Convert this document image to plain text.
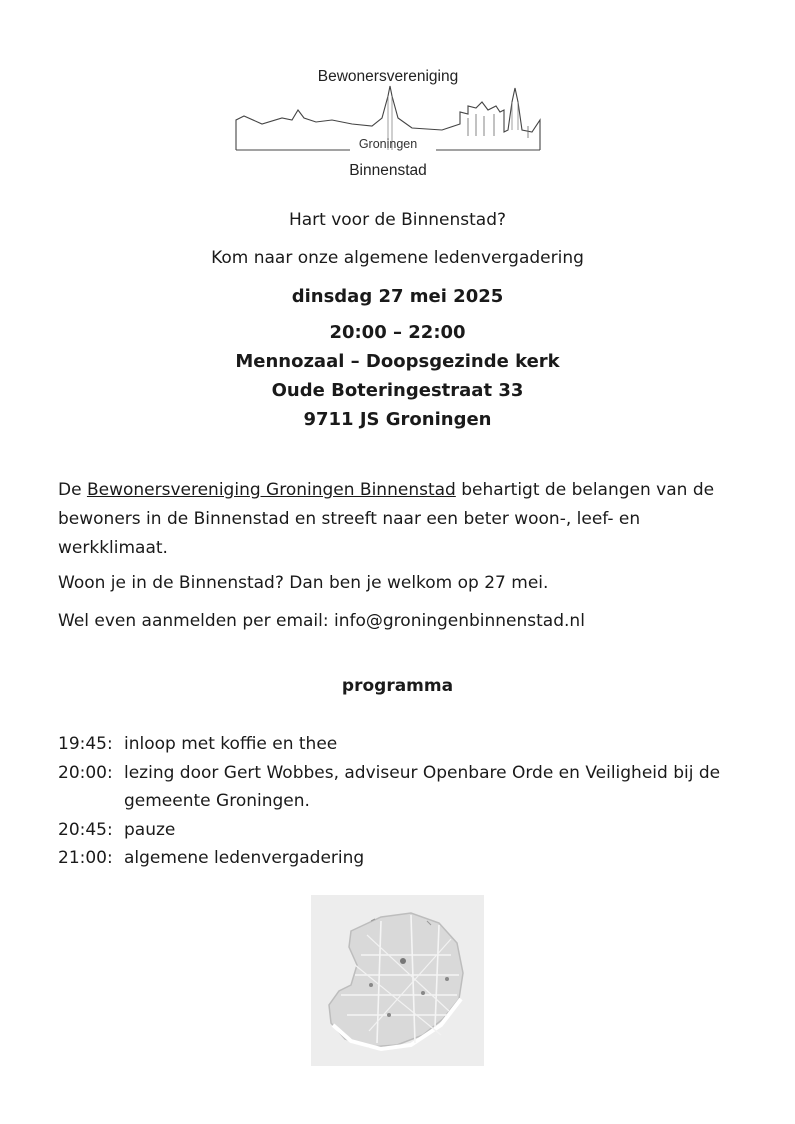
Bewonersvereniging
Groningen
Binnenstad
Hart voor de Binnenstad?
Kom naar onze algemene ledenvergadering
dinsdag 27 mei 2025
20:00 – 22:00
Mennozaal – Doopsgezinde kerk
Oude Boteringestraat 33
9711 JS Groningen
De Bewonersvereniging Groningen Binnenstad behartigt de belangen van de bewoners in de Binnenstad en streeft naar een beter woon-, leef- en werkklimaat.
Woon je in de Binnenstad? Dan ben je welkom op 27 mei.
Wel even aanmelden per email: info@groningenbinnenstad.nl
programma
19:45: inloop met koffie en thee
20:00: lezing door Gert Wobbes, adviseur Openbare Orde en Veiligheid bij de gemeente Groningen.
20:45: pauze
21:00: algemene ledenvergadering
